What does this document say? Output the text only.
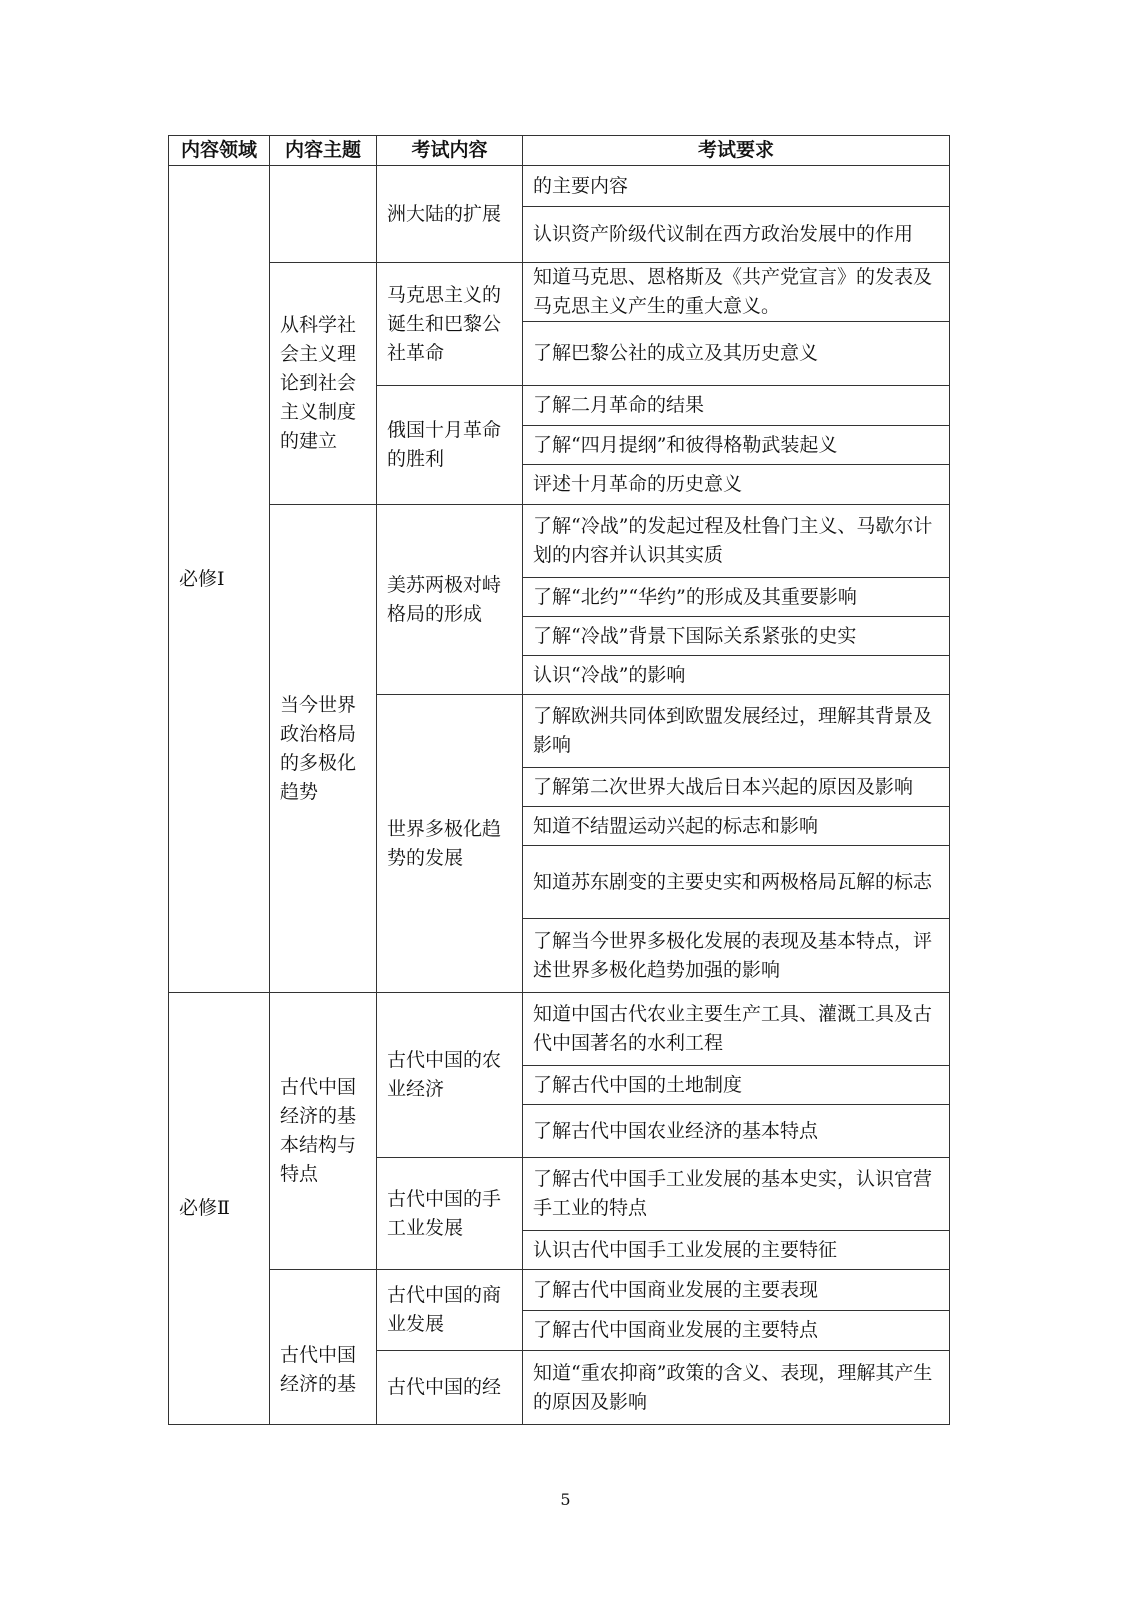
内容领域	内容主题	考试内容	考试要求
必修Ⅰ		洲大陆的扩展	的主要内容
			认识资产阶级代议制在西方政治发展中的作用
	从科学社会主义理论到社会主义制度的建立	马克思主义的诞生和巴黎公社革命	知道马克思、恩格斯及《共产党宣言》的发表及马克思主义产生的重大意义。
			了解巴黎公社的成立及其历史意义
		俄国十月革命的胜利	了解二月革命的结果
			了解“四月提纲”和彼得格勒武装起义
			评述十月革命的历史意义
	当今世界政治格局的多极化趋势	美苏两极对峙格局的形成	了解“冷战”的发起过程及杜鲁门主义、马歇尔计划的内容并认识其实质
			了解“北约”“华约”的形成及其重要影响
			了解“冷战”背景下国际关系紧张的史实
			认识“冷战”的影响
		世界多极化趋势的发展	了解欧洲共同体到欧盟发展经过，理解其背景及影响
			了解第二次世界大战后日本兴起的原因及影响
			知道不结盟运动兴起的标志和影响
			知道苏东剧变的主要史实和两极格局瓦解的标志
			了解当今世界多极化发展的表现及基本特点，评述世界多极化趋势加强的影响
必修Ⅱ	古代中国经济的基本结构与特点	古代中国的农业经济	知道中国古代农业主要生产工具、灌溉工具及古代中国著名的水利工程
			了解古代中国的土地制度
			了解古代中国农业经济的基本特点
		古代中国的手工业发展	了解古代中国手工业发展的基本史实，认识官营手工业的特点
			认识古代中国手工业发展的主要特征
	古代中国经济的基	古代中国的商业发展	了解古代中国商业发展的主要表现
			了解古代中国商业发展的主要特点
		古代中国的经	知道“重农抑商”政策的含义、表现，理解其产生的原因及影响
5
